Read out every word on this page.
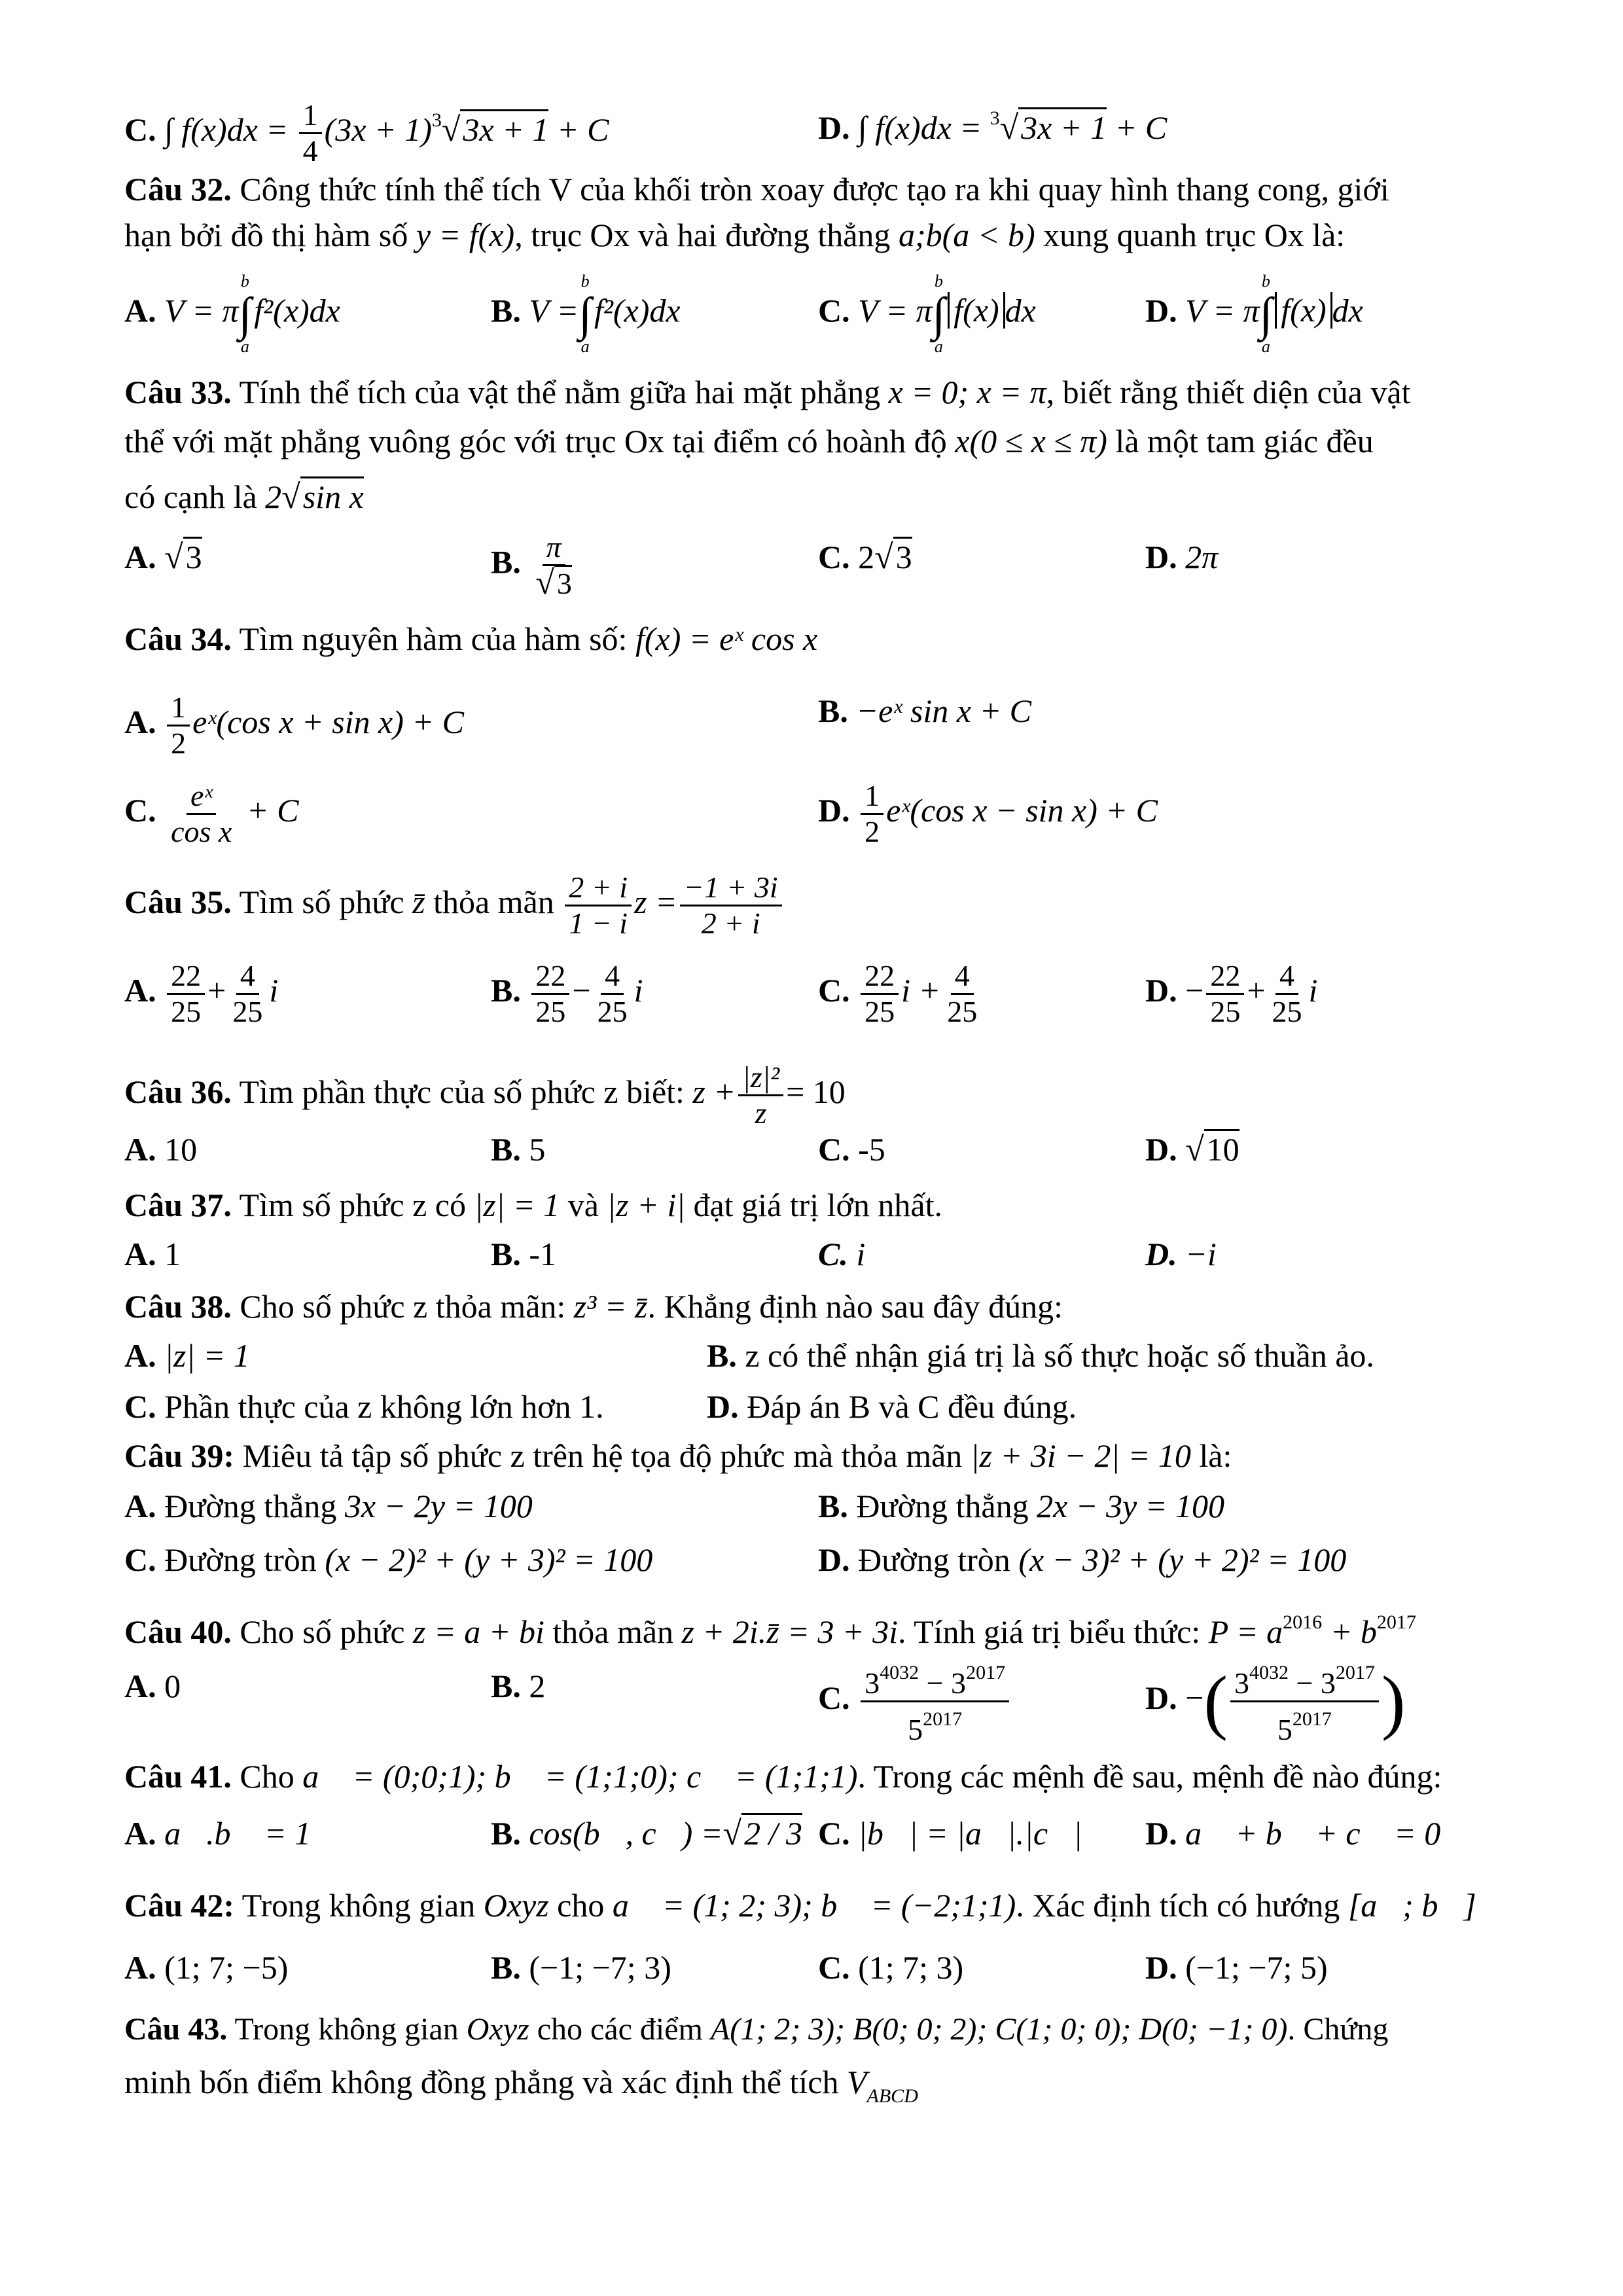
C. ∫ $f(x)dx = \frac{1}{4} (3x + 1)^3√3x + 1 + C$	D. ∫ f(x)dx = $^3$√3x + 1 + C
Câu 32. Công thức tính thể tích V của khối tròn xoay được tạo ra khi quay hình thang cong, giới
hạn bởi đồ thị hàm số y = f(x), trục Ox và hai đường thẳng a;b(a < b) xung quanh trục Ox là:
A. V = π
b
∫
a
f²(x)dx	B. V =
b
∫
a
f²(x)dx	C. V = π
b
∫
a
f(x) dx	D. V = π
b
∫
a
f(x) dx
Câu 33. Tính thể tích của vật thể nằm giữa hai mặt phẳng x = 0; x = π, biết rằng thiết diện của vật
thể với mặt phẳng vuông góc với trục Ox tại điểm có hoành độ x(0 ≤ x ≤ π) là một tam giác đều
có cạnh là 2√sin x
A. √3	B. $\frac{\pi}{√3}$	C. 2√3	D. 2π
Câu 34. Tìm nguyên hàm của hàm số: f(x) = eˣ cos x
A. $\frac{1}{2}$ eˣ(cos x + sin x) + C	B. −eˣ sin x + C
C. $\frac{\text{eˣ}}{\text{cos x}} + C$	D. $\frac{1}{2}$ eˣ(cos x − sin x) + C
Câu 35. Tìm số phức z̄ thỏa mãn $\frac{2 + i}{1 - i}$ $z = \frac{-1 + 3i}{2 + i}$
A. $\frac{22}{25} + \frac{4}{25}$ i	B. $\frac{22}{25} - \frac{4}{25}$ i	C. $\frac{22}{25}$ $i + \frac{4}{25}$	D. − $\frac{22}{25} + \frac{4}{25}$ i
Câu 36. Tìm phần thực của số phức z biết: $z + \frac{\text{|z|²}}{z} = 10$
A. 10	B. 5	C. -5	D. √10
Câu 37. Tìm số phức z có |z| = 1 và |z + i| đạt giá trị lớn nhất.
A. 1	B. -1	C. i	D. −i
Câu 38. Cho số phức z thỏa mãn: z³ = z̄. Khẳng định nào sau đây đúng:
A. |z| = 1	B. z có thể nhận giá trị là số thực hoặc số thuần ảo.
C. Phần thực của z không lớn hơn 1.	D. Đáp án B và C đều đúng.
Câu 39: Miêu tả tập số phức z trên hệ tọa độ phức mà thỏa mãn |z + 3i − 2| = 10 là:
A. Đường thẳng 3x − 2y = 100	B. Đường thẳng 2x − 3y = 100
C. Đường tròn (x − 2)² + (y + 3)² = 100	D. Đường tròn (x − 3)² + (y + 2)² = 100
Câu 40. Cho số phức z = a + bi thỏa mãn z + 2i.z̄ = 3 + 3i. Tính giá trị biểu thức: $P = a^{2016} + b^{2017}$
A. 0	B. 2	C. $\frac{3^{4032} - 3^{2017}}{5^{2017}}$	D. −( $\frac{3^{4032} - 3^{2017}}{5^{2017}}$ )
Câu 41. Cho a⃗ = (0;0;1); b⃗ = (1;1;0); c⃗ = (1;1;1). Trong các mệnh đề sau, mệnh đề nào đúng:
A. a⃗.b⃗ = 1	B. cos(b⃗, c⃗) =√2 / 3 C. |b⃗| = |a⃗|.|c⃗| D. a⃗ + b⃗ + c⃗ = 0⃗
Câu 42: Trong không gian Oxyz cho a⃗ = (1; 2; 3); b⃗ = (−2;1;1). Xác định tích có hướng [a⃗; b⃗]
A. (1; 7; −5)	B. (−1; −7; 3)	C. (1; 7; 3)	D. (−1; −7; 5)
Câu 43. Trong không gian Oxyz cho các điểm A(1; 2; 3); B(0; 0; 2); C(1; 0; 0); D(0; −1; 0). Chứng
minh bốn điểm không đồng phẳng và xác định thể tích $V_{ABCD}$
